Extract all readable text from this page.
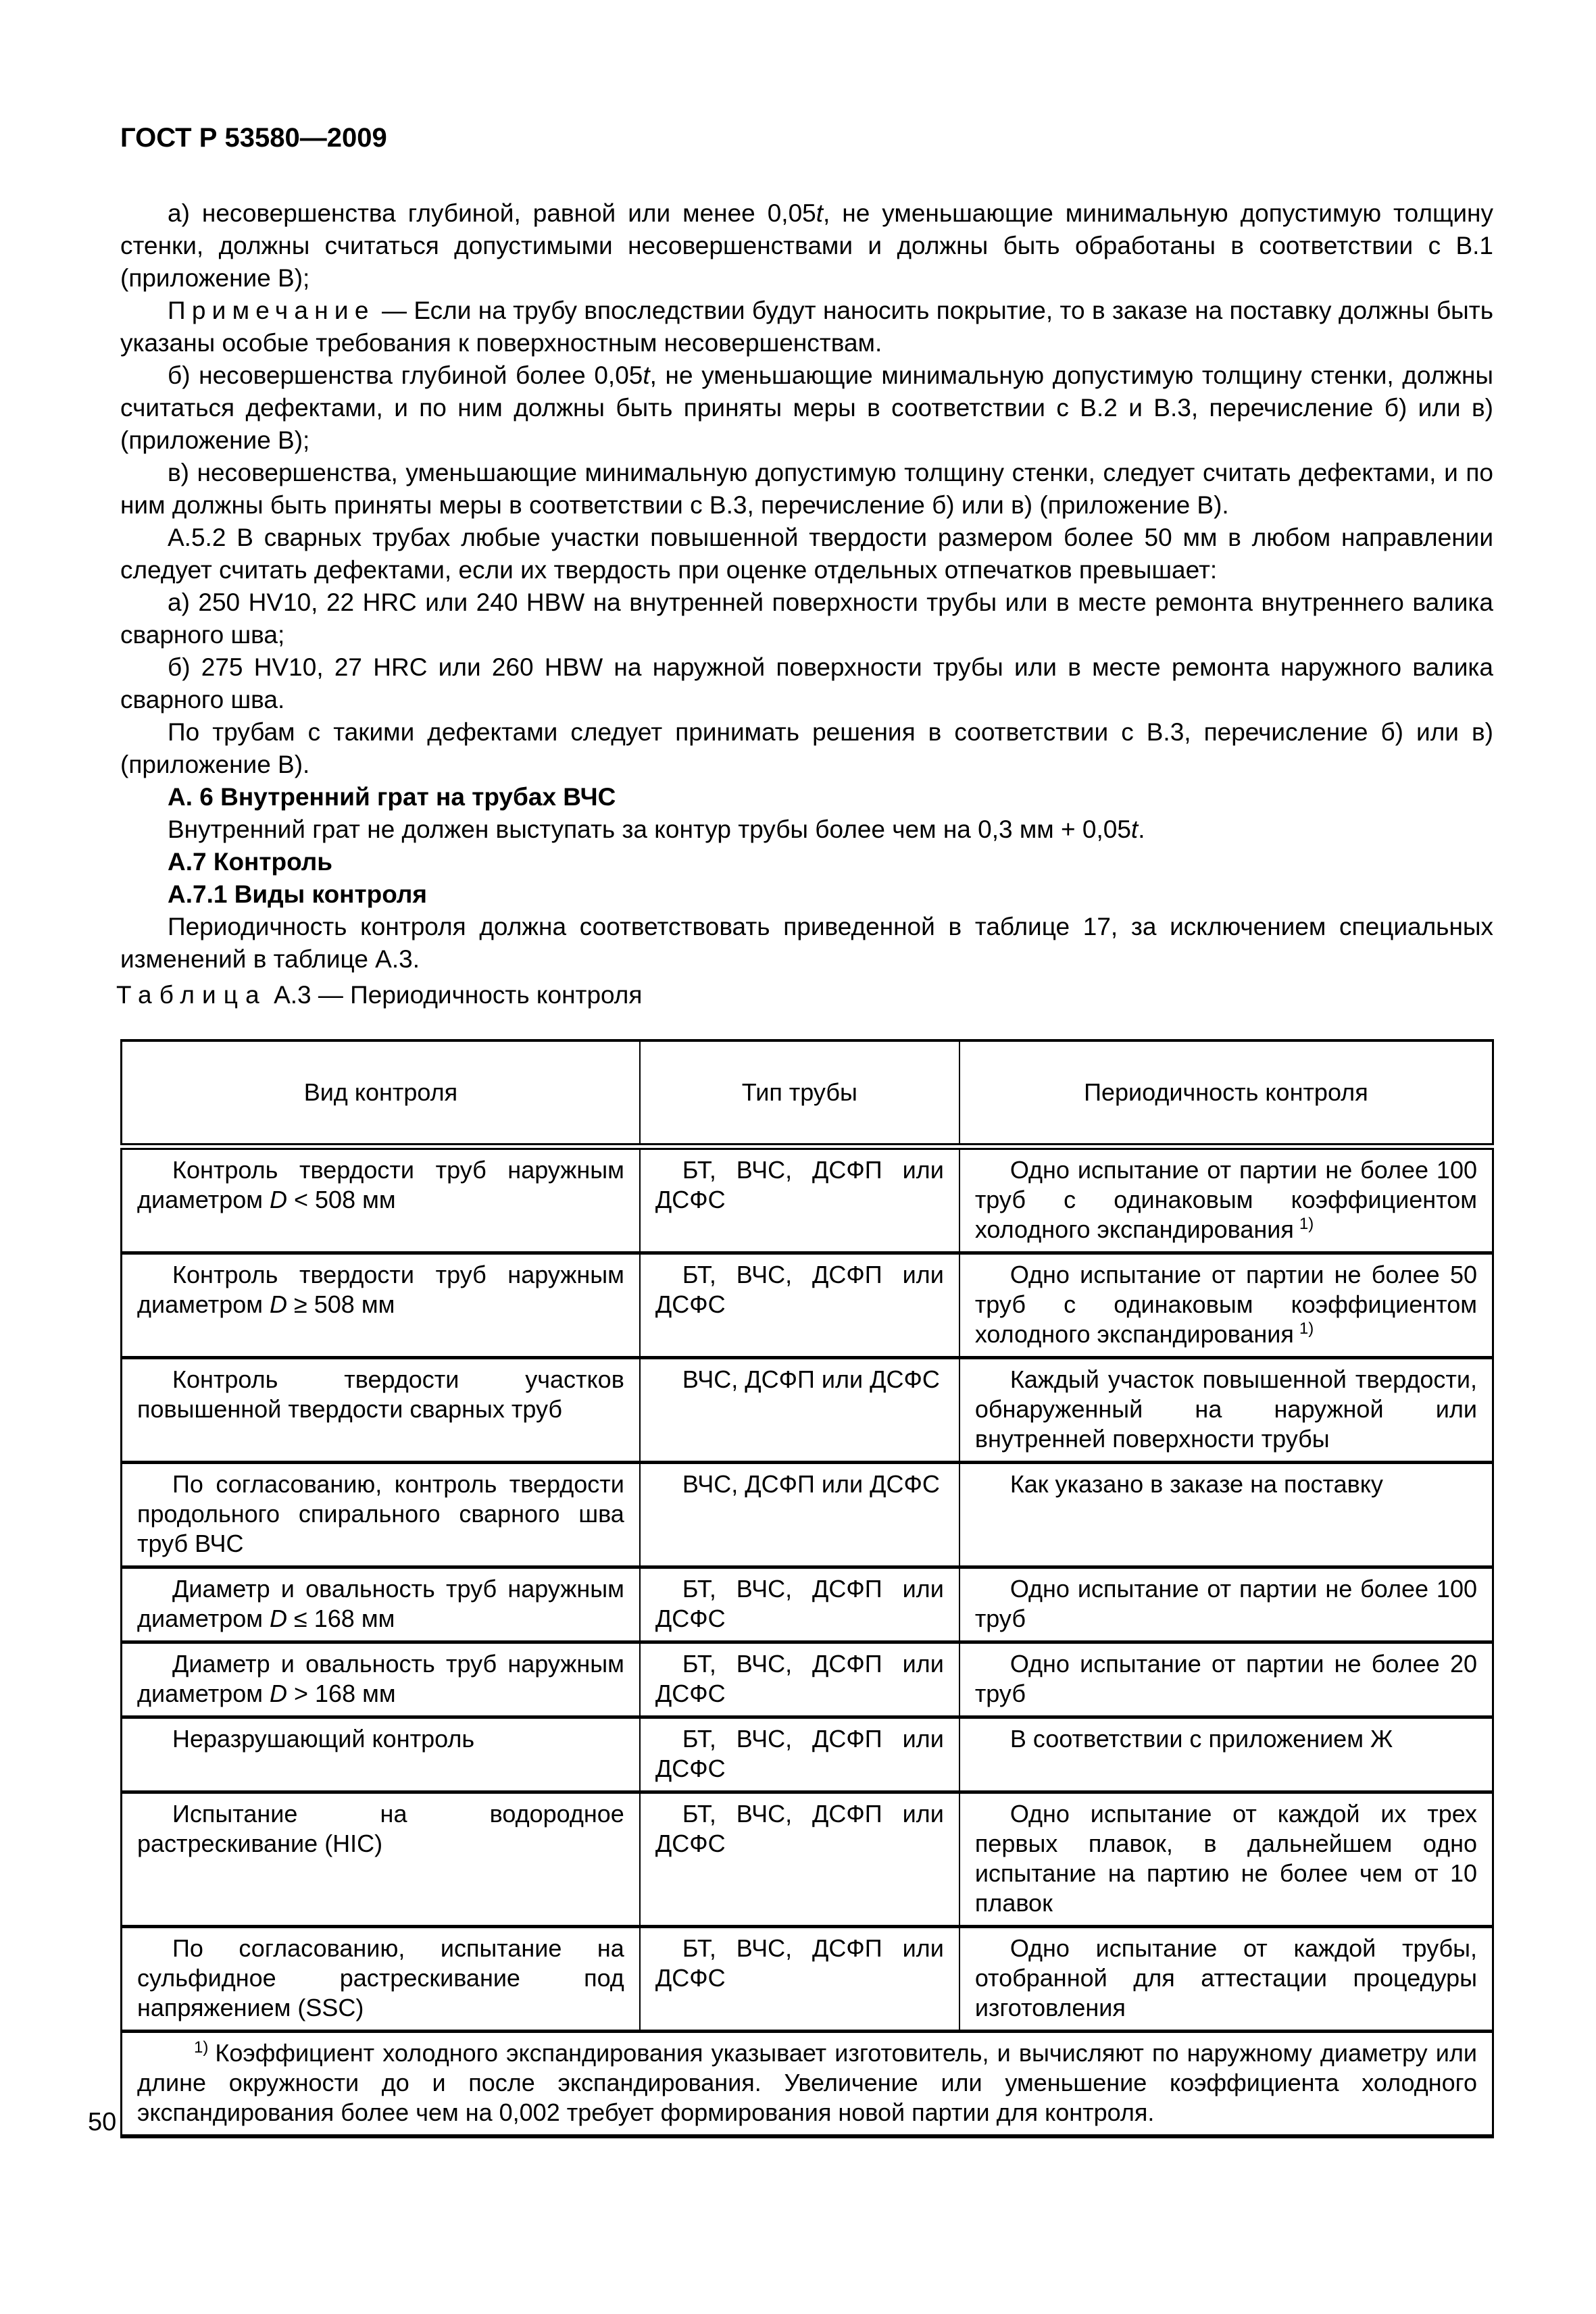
ГОСТ Р 53580—2009

а) несовершенства глубиной, равной или менее 0,05t, не уменьшающие минимальную допустимую толщину стенки, должны считаться допустимыми несовершенствами и должны быть обработаны в соответствии с В.1 (приложение В);

Примечание — Если на трубу впоследствии будут наносить покрытие, то в заказе на поставку должны быть указаны особые требования к поверхностным несовершенствам.

б) несовершенства глубиной более 0,05t, не уменьшающие минимальную допустимую толщину стенки, должны считаться дефектами, и по ним должны быть приняты меры в соответствии с В.2 и В.3, перечисление б) или в) (приложение В);

в) несовершенства, уменьшающие минимальную допустимую толщину стенки, следует считать дефектами, и по ним должны быть приняты меры в соответствии с В.3, перечисление б) или в) (приложение В).

А.5.2 В сварных трубах любые участки повышенной твердости размером более 50 мм в любом направлении следует считать дефектами, если их твердость при оценке отдельных отпечатков превышает:

а) 250 HV10, 22 HRC или 240 HBW на внутренней поверхности трубы или в месте ремонта внутреннего валика сварного шва;

б) 275 HV10, 27 HRC или 260 HBW на наружной поверхности трубы или в месте ремонта наружного валика сварного шва.

По трубам с такими дефектами следует принимать решения в соответствии с В.3, перечисление б) или в) (приложение В).

А. 6 Внутренний грат на трубах ВЧС

Внутренний грат не должен выступать за контур трубы более чем на 0,3 мм + 0,05t.

А.7 Контроль

А.7.1 Виды контроля

Периодичность контроля должна соответствовать приведенной в таблице 17, за исключением специальных изменений в таблице А.3.

Таблица А.3 — Периодичность контроля
Вид контроля	Тип трубы	Периодичность контроля

Контроль твердости труб наружным диаметром D < 508 мм	БТ, ВЧС, ДСФП или ДСФС	Одно испытание от партии не более 100 труб с одинаковым коэффициентом холодного экспандирования $^{1)}$

Контроль твердости труб наружным диаметром D ≥ 508 мм	БТ, ВЧС, ДСФП или ДСФС	Одно испытание от партии не более 50 труб с одинаковым коэффициентом холодного экспандирования $^{1)}$

Контроль твердости участков повышенной твердости сварных труб	ВЧС, ДСФП или ДСФС	Каждый участок повышенной твердости, обнаруженный на наружной или внутренней поверхности трубы

По согласованию, контроль твердости продольного спирального сварного шва труб ВЧС	ВЧС, ДСФП или ДСФС	Как указано в заказе на поставку

Диаметр и овальность труб наружным диаметром D ≤ 168 мм	БТ, ВЧС, ДСФП или ДСФС	Одно испытание от партии не более 100 труб

Диаметр и овальность труб наружным диаметром D > 168 мм	БТ, ВЧС, ДСФП или ДСФС	Одно испытание от партии не более 20 труб

Неразрушающий контроль	БТ, ВЧС, ДСФП или ДСФС	В соответствии с приложением Ж

Испытание на водородное растрескивание (HIC)	БТ, ВЧС, ДСФП или ДСФС	Одно испытание от каждой их трех первых плавок, в дальнейшем одно испытание на партию не более чем от 10 плавок

По согласованию, испытание на сульфидное растрескивание под напряжением (SSC)	БТ, ВЧС, ДСФП или ДСФС	Одно испытание от каждой трубы, отобранной для аттестации процедуры изготовления

$^{1)}$ Коэффициент холодного экспандирования указывает изготовитель, и вычисляют по наружному диаметру или длине окружности до и после экспандирования. Увеличение или уменьшение коэффициента холодного экспандирования более чем на 0,002 требует формирования новой партии для контроля.		

50
